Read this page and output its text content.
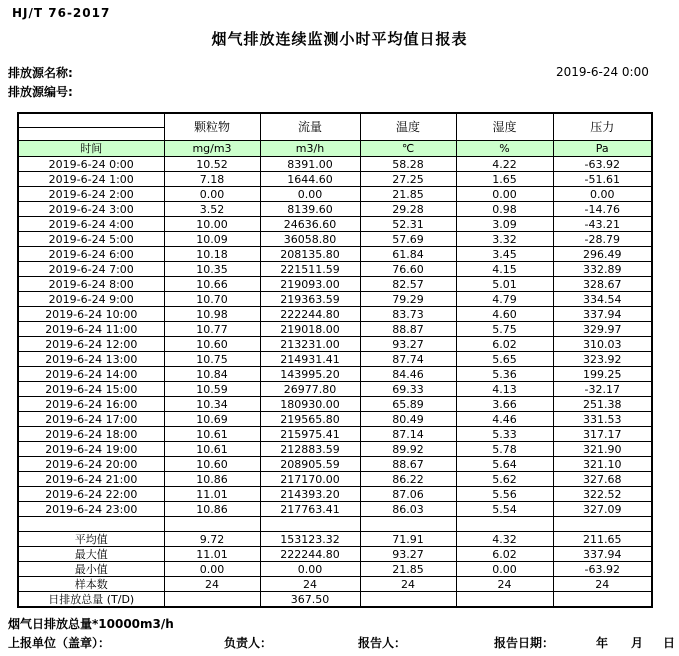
HJ/T 76-2017
烟气排放连续监测小时平均值日报表
排放源名称:
排放源编号:
2019-6-24 0:00
	颗粒物	流量	温度	湿度	压力

时间	mg/m3	m3/h	℃	%	Pa
2019-6-24 0:00	10.52	8391.00	58.28	4.22	-63.92
2019-6-24 1:00	7.18	1644.60	27.25	1.65	-51.61
2019-6-24 2:00	0.00	0.00	21.85	0.00	0.00
2019-6-24 3:00	3.52	8139.60	29.28	0.98	-14.76
2019-6-24 4:00	10.00	24636.60	52.31	3.09	-43.21
2019-6-24 5:00	10.09	36058.80	57.69	3.32	-28.79
2019-6-24 6:00	10.18	208135.80	61.84	3.45	296.49
2019-6-24 7:00	10.35	221511.59	76.60	4.15	332.89
2019-6-24 8:00	10.66	219093.00	82.57	5.01	328.67
2019-6-24 9:00	10.70	219363.59	79.29	4.79	334.54
2019-6-24 10:00	10.98	222244.80	83.73	4.60	337.94
2019-6-24 11:00	10.77	219018.00	88.87	5.75	329.97
2019-6-24 12:00	10.60	213231.00	93.27	6.02	310.03
2019-6-24 13:00	10.75	214931.41	87.74	5.65	323.92
2019-6-24 14:00	10.84	143995.20	84.46	5.36	199.25
2019-6-24 15:00	10.59	26977.80	69.33	4.13	-32.17
2019-6-24 16:00	10.34	180930.00	65.89	3.66	251.38
2019-6-24 17:00	10.69	219565.80	80.49	4.46	331.53
2019-6-24 18:00	10.61	215975.41	87.14	5.33	317.17
2019-6-24 19:00	10.61	212883.59	89.92	5.78	321.90
2019-6-24 20:00	10.60	208905.59	88.67	5.64	321.10
2019-6-24 21:00	10.86	217170.00	86.22	5.62	327.68
2019-6-24 22:00	11.01	214393.20	87.06	5.56	322.52
2019-6-24 23:00	10.86	217763.41	86.03	5.54	327.09

平均值	9.72	153123.32	71.91	4.32	211.65
最大值	11.01	222244.80	93.27	6.02	337.94
最小值	0.00	0.00	21.85	0.00	-63.92
样本数	24	24	24	24	24
日排放总量 (T/D)		367.50			
烟气日排放总量*10000m3/h
上报单位（盖章）：	负责人：	报告人：	报告日期：	年 月 日
